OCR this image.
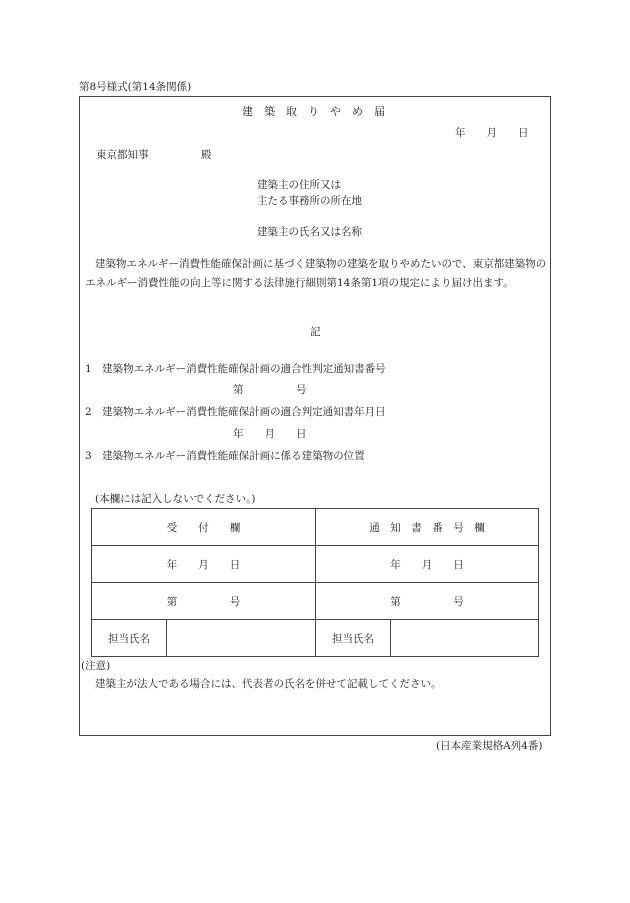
第8号様式(第14条関係)
建　築　取　り　や　め　届
年　　月　　日
東京都知事　　　　　殿
建築主の住所又は
主たる事務所の所在地
建築主の氏名又は名称
建築物エネルギー消費性能確保計画に基づく建築物の建築を取りやめたいので、東京都建築物のエネルギー消費性能の向上等に関する法律施行細則第14条第1項の規定により届け出ます。
記
1　建築物エネルギー消費性能確保計画の適合性判定通知書番号
第　　　　　号
2　建築物エネルギー消費性能確保計画の適合判定通知書年月日
年　　月　　日
3　建築物エネルギー消費性能確保計画に係る建築物の位置
(本欄には記入しないでください。)
受　　付　　欄		通　知　書　番　号　欄	
年　　月　　日		年　　月　　日	
第　　　　　号		第　　　　　号	
担当氏名		担当氏名	
(注意)
建築主が法人である場合には、代表者の氏名を併せて記載してください。
(日本産業規格A列4番)
